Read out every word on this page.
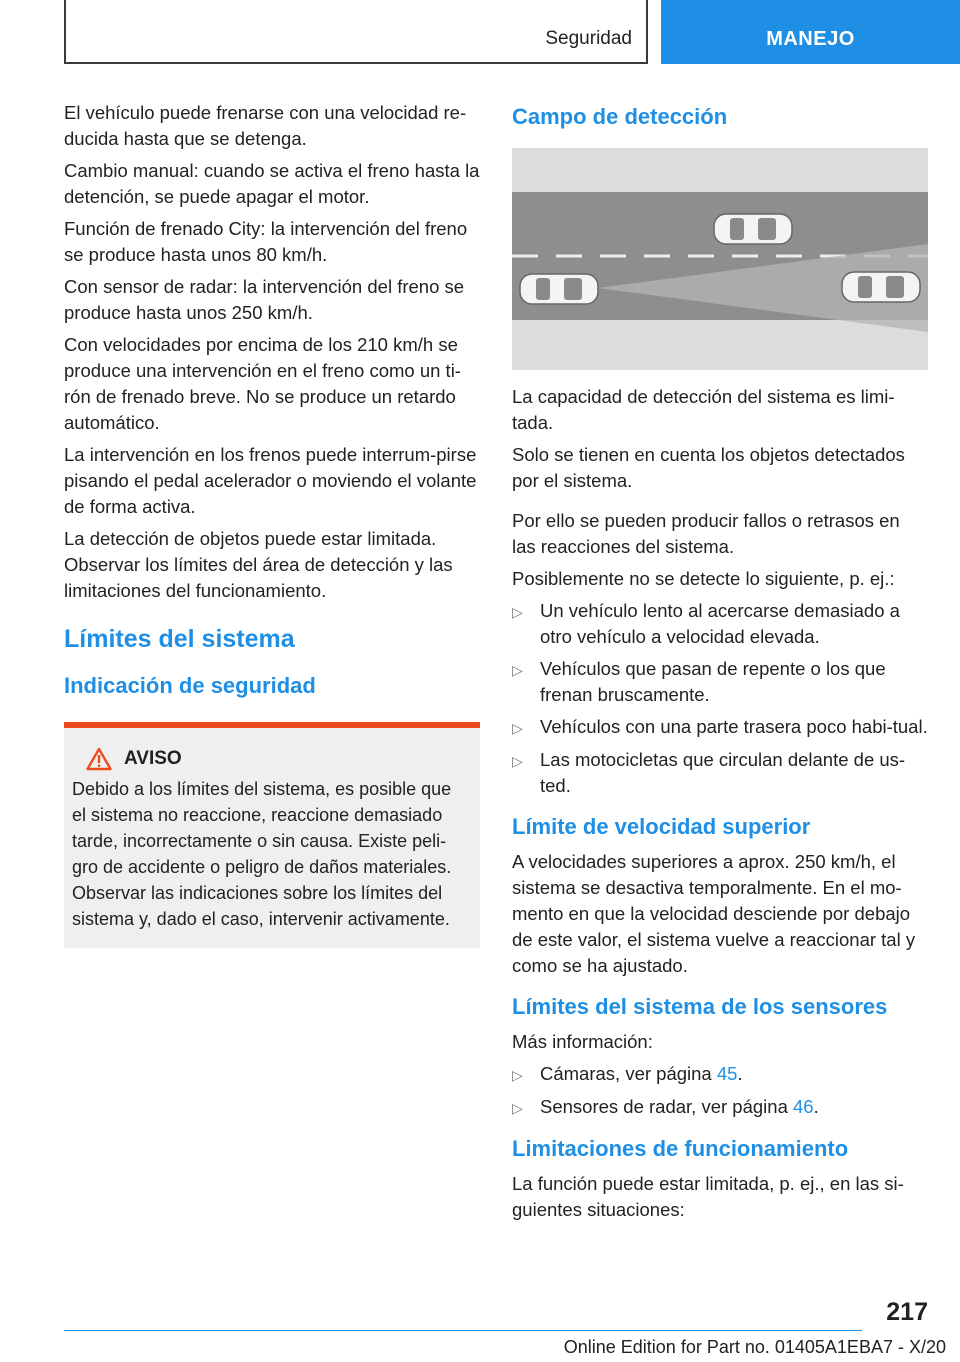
Seguridad	MANEJO

El vehículo puede frenarse con una velocidad re-
ducida hasta que se detenga.

Cambio manual: cuando se activa el freno hasta la detención, se puede apagar el motor.

Función de frenado City: la intervención del freno se produce hasta unos 80 km/h.

Con sensor de radar: la intervención del freno se produce hasta unos 250 km/h.

Con velocidades por encima de los 210 km/h se produce una intervención en el freno como un ti-rón de frenado breve. No se produce un retardo automático.

La intervención en los frenos puede interrum-pirse pisando el pedal acelerador o moviendo el volante de forma activa.

La detección de objetos puede estar limitada. Observar los límites del área de detección y las limitaciones del funcionamiento.

Límites del sistema
Indicación de seguridad
AVISO
Debido a los límites del sistema, es posible que el sistema no reaccione, reaccione demasiado tarde, incorrectamente o sin causa. Existe peli-gro de accidente o peligro de daños materiales. Observar las indicaciones sobre los límites del sistema y, dado el caso, intervenir activamente.
Campo de detección

La capacidad de detección del sistema es limi-tada.

Solo se tienen en cuenta los objetos detectados por el sistema.

Por ello se pueden producir fallos o retrasos en las reacciones del sistema.

Posiblemente no se detecte lo siguiente, p. ej.:

▷ Un vehículo lento al acercarse demasiado a otro vehículo a velocidad elevada.
▷ Vehículos que pasan de repente o los que frenan bruscamente.
▷ Vehículos con una parte trasera poco habi-tual.
▷ Las motocicletas que circulan delante de us-ted.
Límite de velocidad superior

A velocidades superiores a aprox. 250 km/h, el sistema se desactiva temporalmente. En el mo-mento en que la velocidad desciende por debajo de este valor, el sistema vuelve a reaccionar tal y como se ha ajustado.

Límites del sistema de los sensores

Más información:

▷ Cámaras, ver página 45.
▷ Sensores de radar, ver página 46.
Limitaciones de funcionamiento

La función puede estar limitada, p. ej., en las si-guientes situaciones:

217
Online Edition for Part no. 01405A1EBA7 - X/20
